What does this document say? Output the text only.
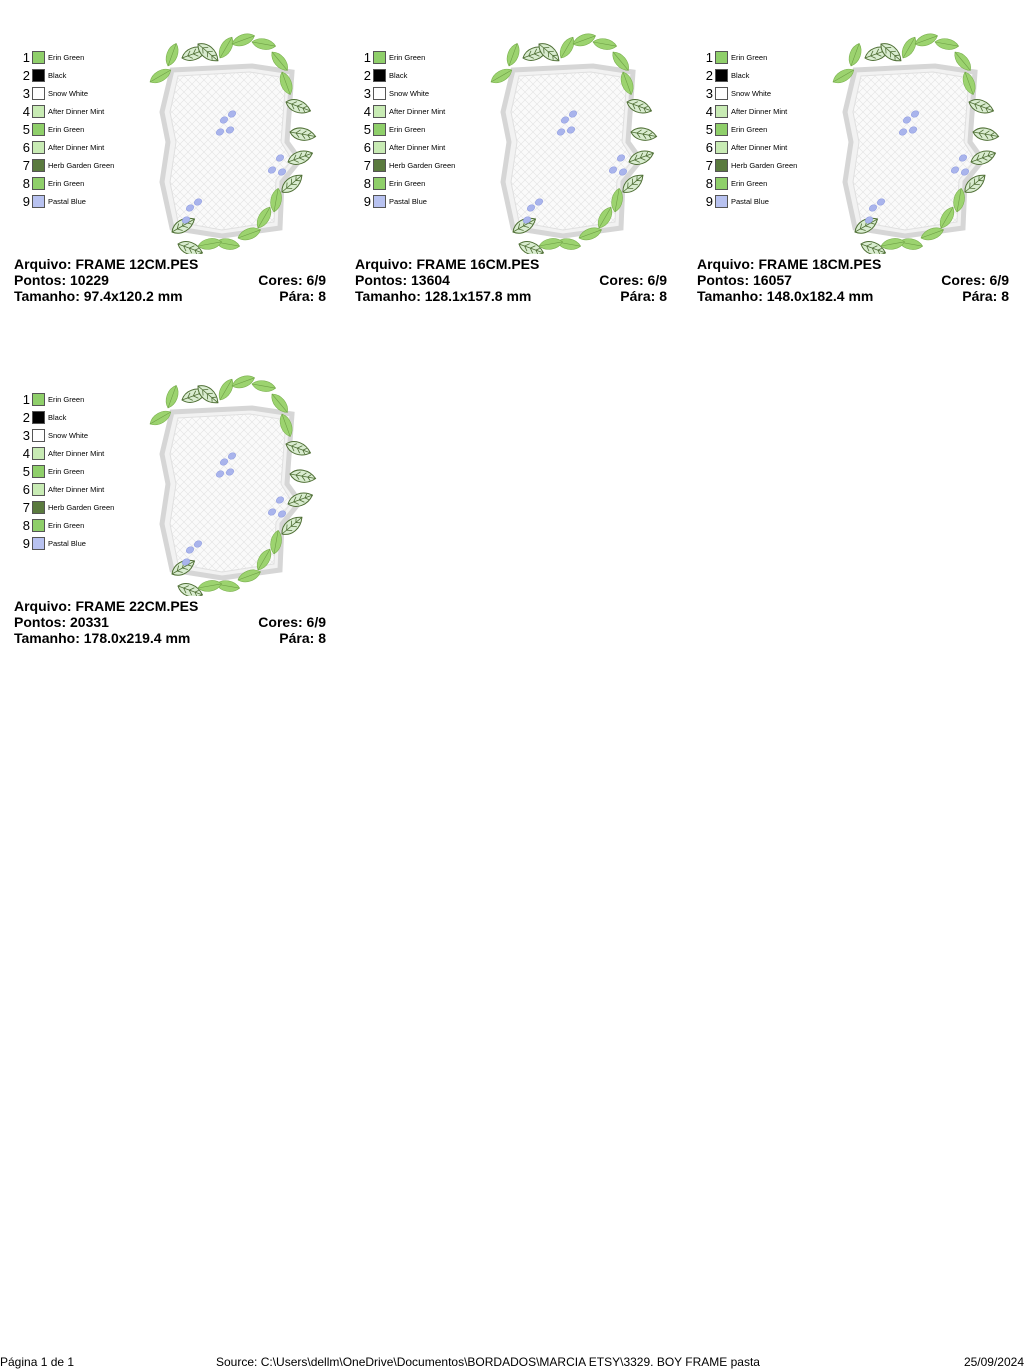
1 Erin Green
2 Black
3 Snow White
4 After Dinner Mint
5 Erin Green
6 After Dinner Mint
7 Herb Garden Green
8 Erin Green
9 Pastal Blue
Arquivo: FRAME 12CM.PES
Pontos: 10229	Cores: 6/9
Tamanho: 97.4x120.2 mm	Pára: 8
1 Erin Green
2 Black
3 Snow White
4 After Dinner Mint
5 Erin Green
6 After Dinner Mint
7 Herb Garden Green
8 Erin Green
9 Pastal Blue
Arquivo: FRAME 16CM.PES
Pontos: 13604	Cores: 6/9
Tamanho: 128.1x157.8 mm	Pára: 8
1 Erin Green
2 Black
3 Snow White
4 After Dinner Mint
5 Erin Green
6 After Dinner Mint
7 Herb Garden Green
8 Erin Green
9 Pastal Blue
Arquivo: FRAME 18CM.PES
Pontos: 16057	Cores: 6/9
Tamanho: 148.0x182.4 mm	Pára: 8
1 Erin Green
2 Black
3 Snow White
4 After Dinner Mint
5 Erin Green
6 After Dinner Mint
7 Herb Garden Green
8 Erin Green
9 Pastal Blue
Arquivo: FRAME 22CM.PES
Pontos: 20331	Cores: 6/9
Tamanho: 178.0x219.4 mm	Pára: 8
Página 1 de 1	Source: C:\Users\dellm\OneDrive\Documentos\BORDADOS\MARCIA ETSY\3329. BOY FRAME pasta	25/09/2024
